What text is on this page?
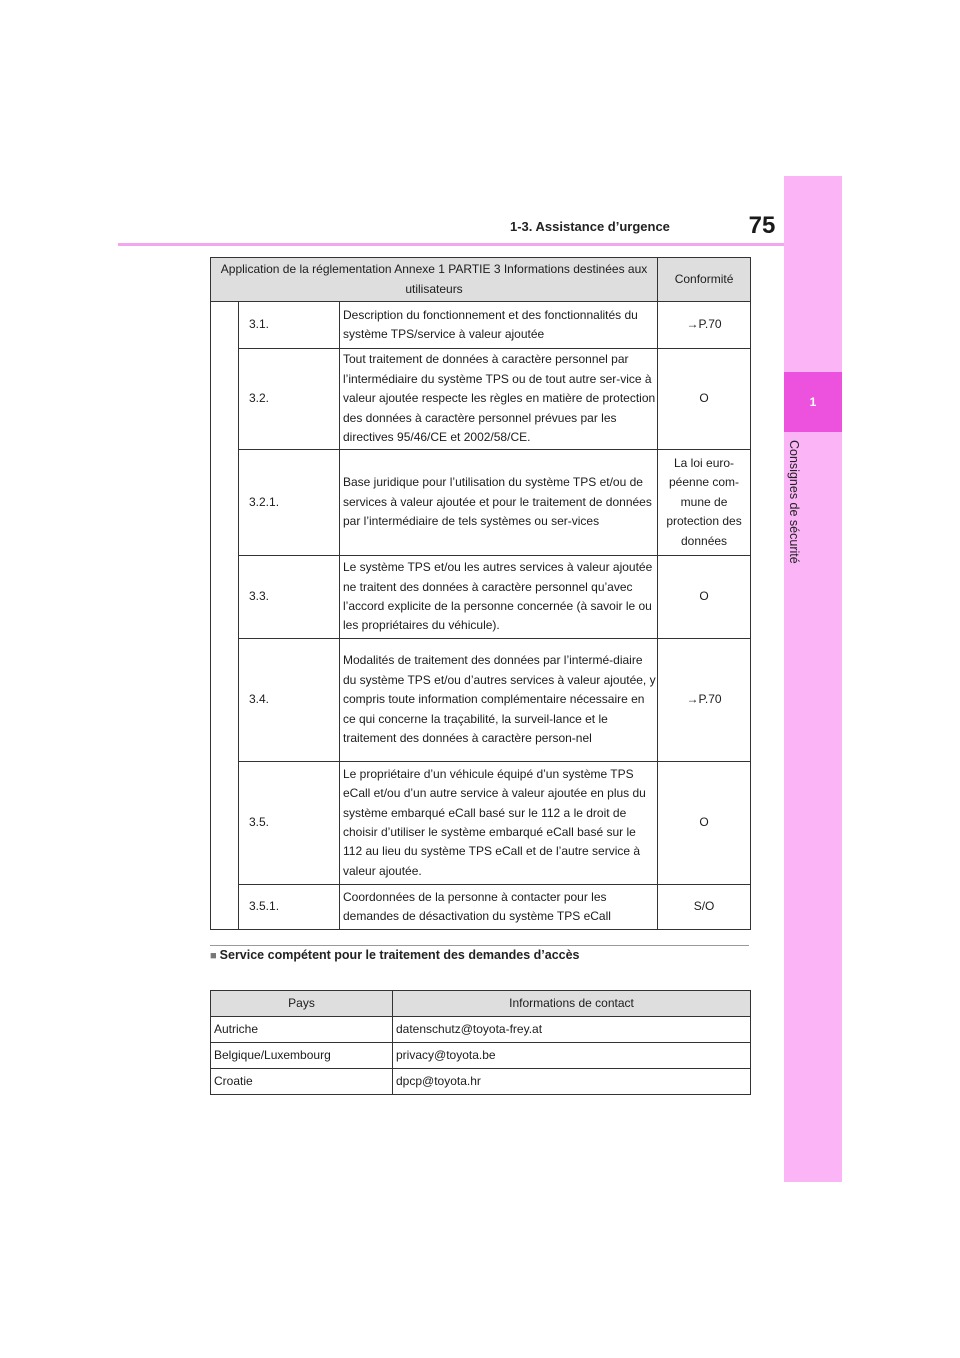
75
1-3. Assistance d’urgence
1
Consignes de sécurité
Application de la réglementation Annexe 1 PARTIE 3 Informations destinées aux utilisateurs			Conformité
	3.1.	Description du fonctionnement et des fonctionnalités du système TPS/service à valeur ajoutée	→P.70
	3.2.	Tout traitement de données à caractère personnel par l’intermédiaire du système TPS ou de tout autre ser-vice à valeur ajoutée respecte les règles en matière de protection des données à caractère personnel prévues par les directives 95/46/CE et 2002/58/CE.	O
	3.2.1.	Base juridique pour l’utilisation du système TPS et/ou de services à valeur ajoutée et pour le traitement de données par l’intermédiaire de tels systèmes ou ser-vices	La loi euro-péenne com-mune de protection des données
	3.3.	Le système TPS et/ou les autres services à valeur ajoutée ne traitent des données à caractère personnel qu’avec l’accord explicite de la personne concernée (à savoir le ou les propriétaires du véhicule).	O
	3.4.	Modalités de traitement des données par l’intermé-diaire du système TPS et/ou d’autres services à valeur ajoutée, y compris toute information complémentaire nécessaire en ce qui concerne la traçabilité, la surveil-lance et le traitement des données à caractère person-nel	→P.70
	3.5.	Le propriétaire d’un véhicule équipé d’un système TPS eCall et/ou d’un autre service à valeur ajoutée en plus du système embarqué eCall basé sur le 112 a le droit de choisir d’utiliser le système embarqué eCall basé sur le 112 au lieu du système TPS eCall et de l’autre service à valeur ajoutée.	O
	3.5.1.	Coordonnées de la personne à contacter pour les demandes de désactivation du système TPS eCall	S/O
■ Service compétent pour le traitement des demandes d’accès
Pays	Informations de contact
Autriche	datenschutz@toyota-frey.at
Belgique/Luxembourg	privacy@toyota.be
Croatie	dpcp@toyota.hr
